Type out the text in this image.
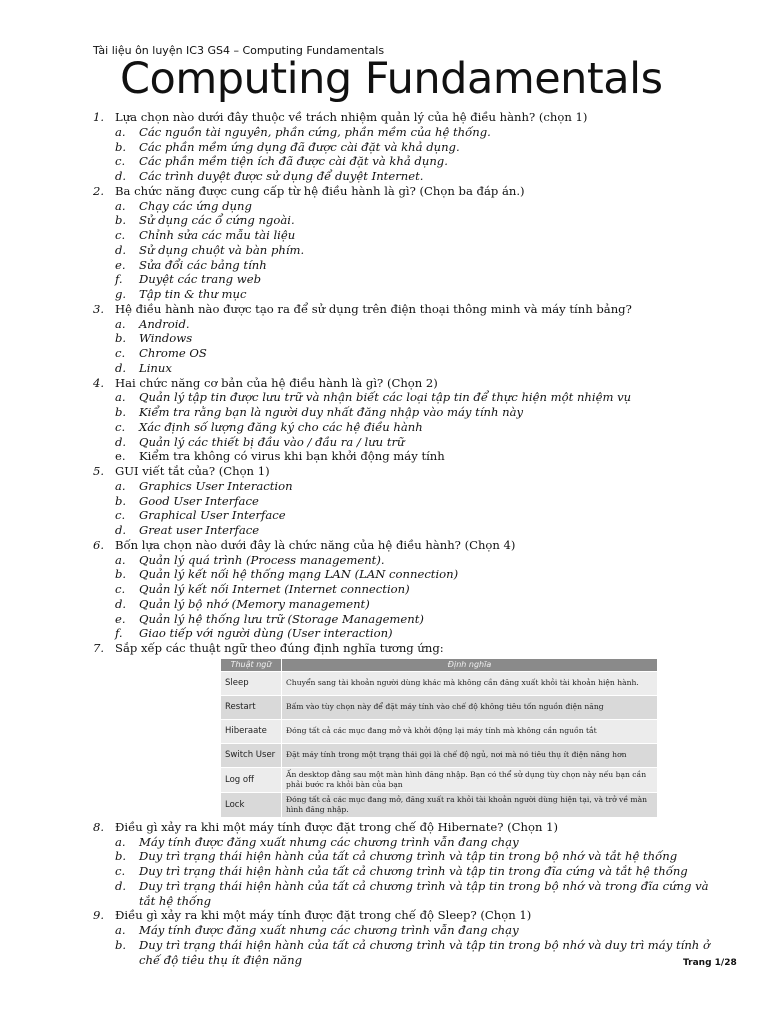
Tài liệu ôn luyện IC3 GS4 – Computing Fundamentals
Computing Fundamentals
1. Lựa chọn nào dưới đây thuộc về trách nhiệm quản lý của hệ điều hành? (chọn 1)
a. Các nguồn tài nguyên, phần cứng, phần mềm của hệ thống.
b. Các phần mềm ứng dụng đã được cài đặt và khả dụng.
c. Các phần mềm tiện ích đã được cài đặt và khả dụng.
d. Các trình duyệt được sử dụng để duyệt Internet.
2. Ba chức năng được cung cấp từ hệ điều hành là gì? (Chọn ba đáp án.)
a. Chạy các ứng dụng
b. Sử dụng các ổ cứng ngoài.
c. Chỉnh sửa các mẫu tài liệu
d. Sử dụng chuột và bàn phím.
e. Sửa đổi các bảng tính
f. Duyệt các trang web
g. Tập tin & thư mục
3. Hệ điều hành nào được tạo ra để sử dụng trên điện thoại thông minh và máy tính bảng?
a. Android.
b. Windows
c. Chrome OS
d. Linux
4. Hai chức năng cơ bản của hệ điều hành là gì? (Chọn 2)
a. Quản lý tập tin được lưu trữ và nhận biết các loại tập tin để thực hiện một nhiệm vụ
b. Kiểm tra rằng bạn là người duy nhất đăng nhập vào máy tính này
c. Xác định số lượng đăng ký cho các hệ điều hành
d. Quản lý các thiết bị đầu vào / đầu ra / lưu trữ
e. Kiểm tra không có virus khi bạn khởi động máy tính
5. GUI viết tắt của? (Chọn 1)
a. Graphics User Interaction
b. Good User Interface
c. Graphical User Interface
d. Great user Interface
6. Bốn lựa chọn nào dưới đây là chức năng của hệ điều hành? (Chọn 4)
a. Quản lý quá trình (Process management).
b. Quản lý kết nối hệ thống mạng LAN (LAN connection)
c. Quản lý kết nối Internet (Internet connection)
d. Quản lý bộ nhớ (Memory management)
e. Quản lý hệ thống lưu trữ (Storage Management)
f. Giao tiếp với người dùng (User interaction)
7. Sắp xếp các thuật ngữ theo đúng định nghĩa tương ứng:
Thuật ngữ	Định nghĩa
Sleep	Chuyển sang tài khoản người dùng khác mà không cần đăng xuất khỏi tài khoản hiện hành.
Restart	Bấm vào tùy chọn này để đặt máy tính vào chế độ không tiêu tốn nguồn điện năng
Hiberaate	Đóng tất cả các mục đang mở và khởi động lại máy tính mà không cần nguồn tắt
Switch User	Đặt máy tính trong một trạng thái gọi là chế độ ngủ, nơi mà nó tiêu thụ ít điện năng hơn
Log off	Ấn desktop đằng sau một màn hình đăng nhập. Bạn có thể sử dụng tùy chọn này nếu bạn cần phải bước ra khỏi bàn của bạn
Lock	Đóng tất cả các mục đang mở, đăng xuất ra khỏi tài khoản người dùng hiện tại, và trở về màn hình đăng nhập.
8. Điều gì xảy ra khi một máy tính được đặt trong chế độ Hibernate? (Chọn 1)
a. Máy tính được đăng xuất nhưng các chương trình vẫn đang chạy
b. Duy trì trạng thái hiện hành của tất cả chương trình và tập tin trong bộ nhớ và tắt hệ thống
c. Duy trì trạng thái hiện hành của tất cả chương trình và tập tin trong đĩa cứng và tắt hệ thống
d. Duy trì trạng thái hiện hành của tất cả chương trình và tập tin trong bộ nhớ và trong đĩa cứng và tắt hệ thống
9. Điều gì xảy ra khi một máy tính được đặt trong chế độ Sleep? (Chọn 1)
a. Máy tính được đăng xuất nhưng các chương trình vẫn đang chạy
b. Duy trì trạng thái hiện hành của tất cả chương trình và tập tin trong bộ nhớ và duy trì máy tính ở chế độ tiêu thụ ít điện năng	Trang 1/28
